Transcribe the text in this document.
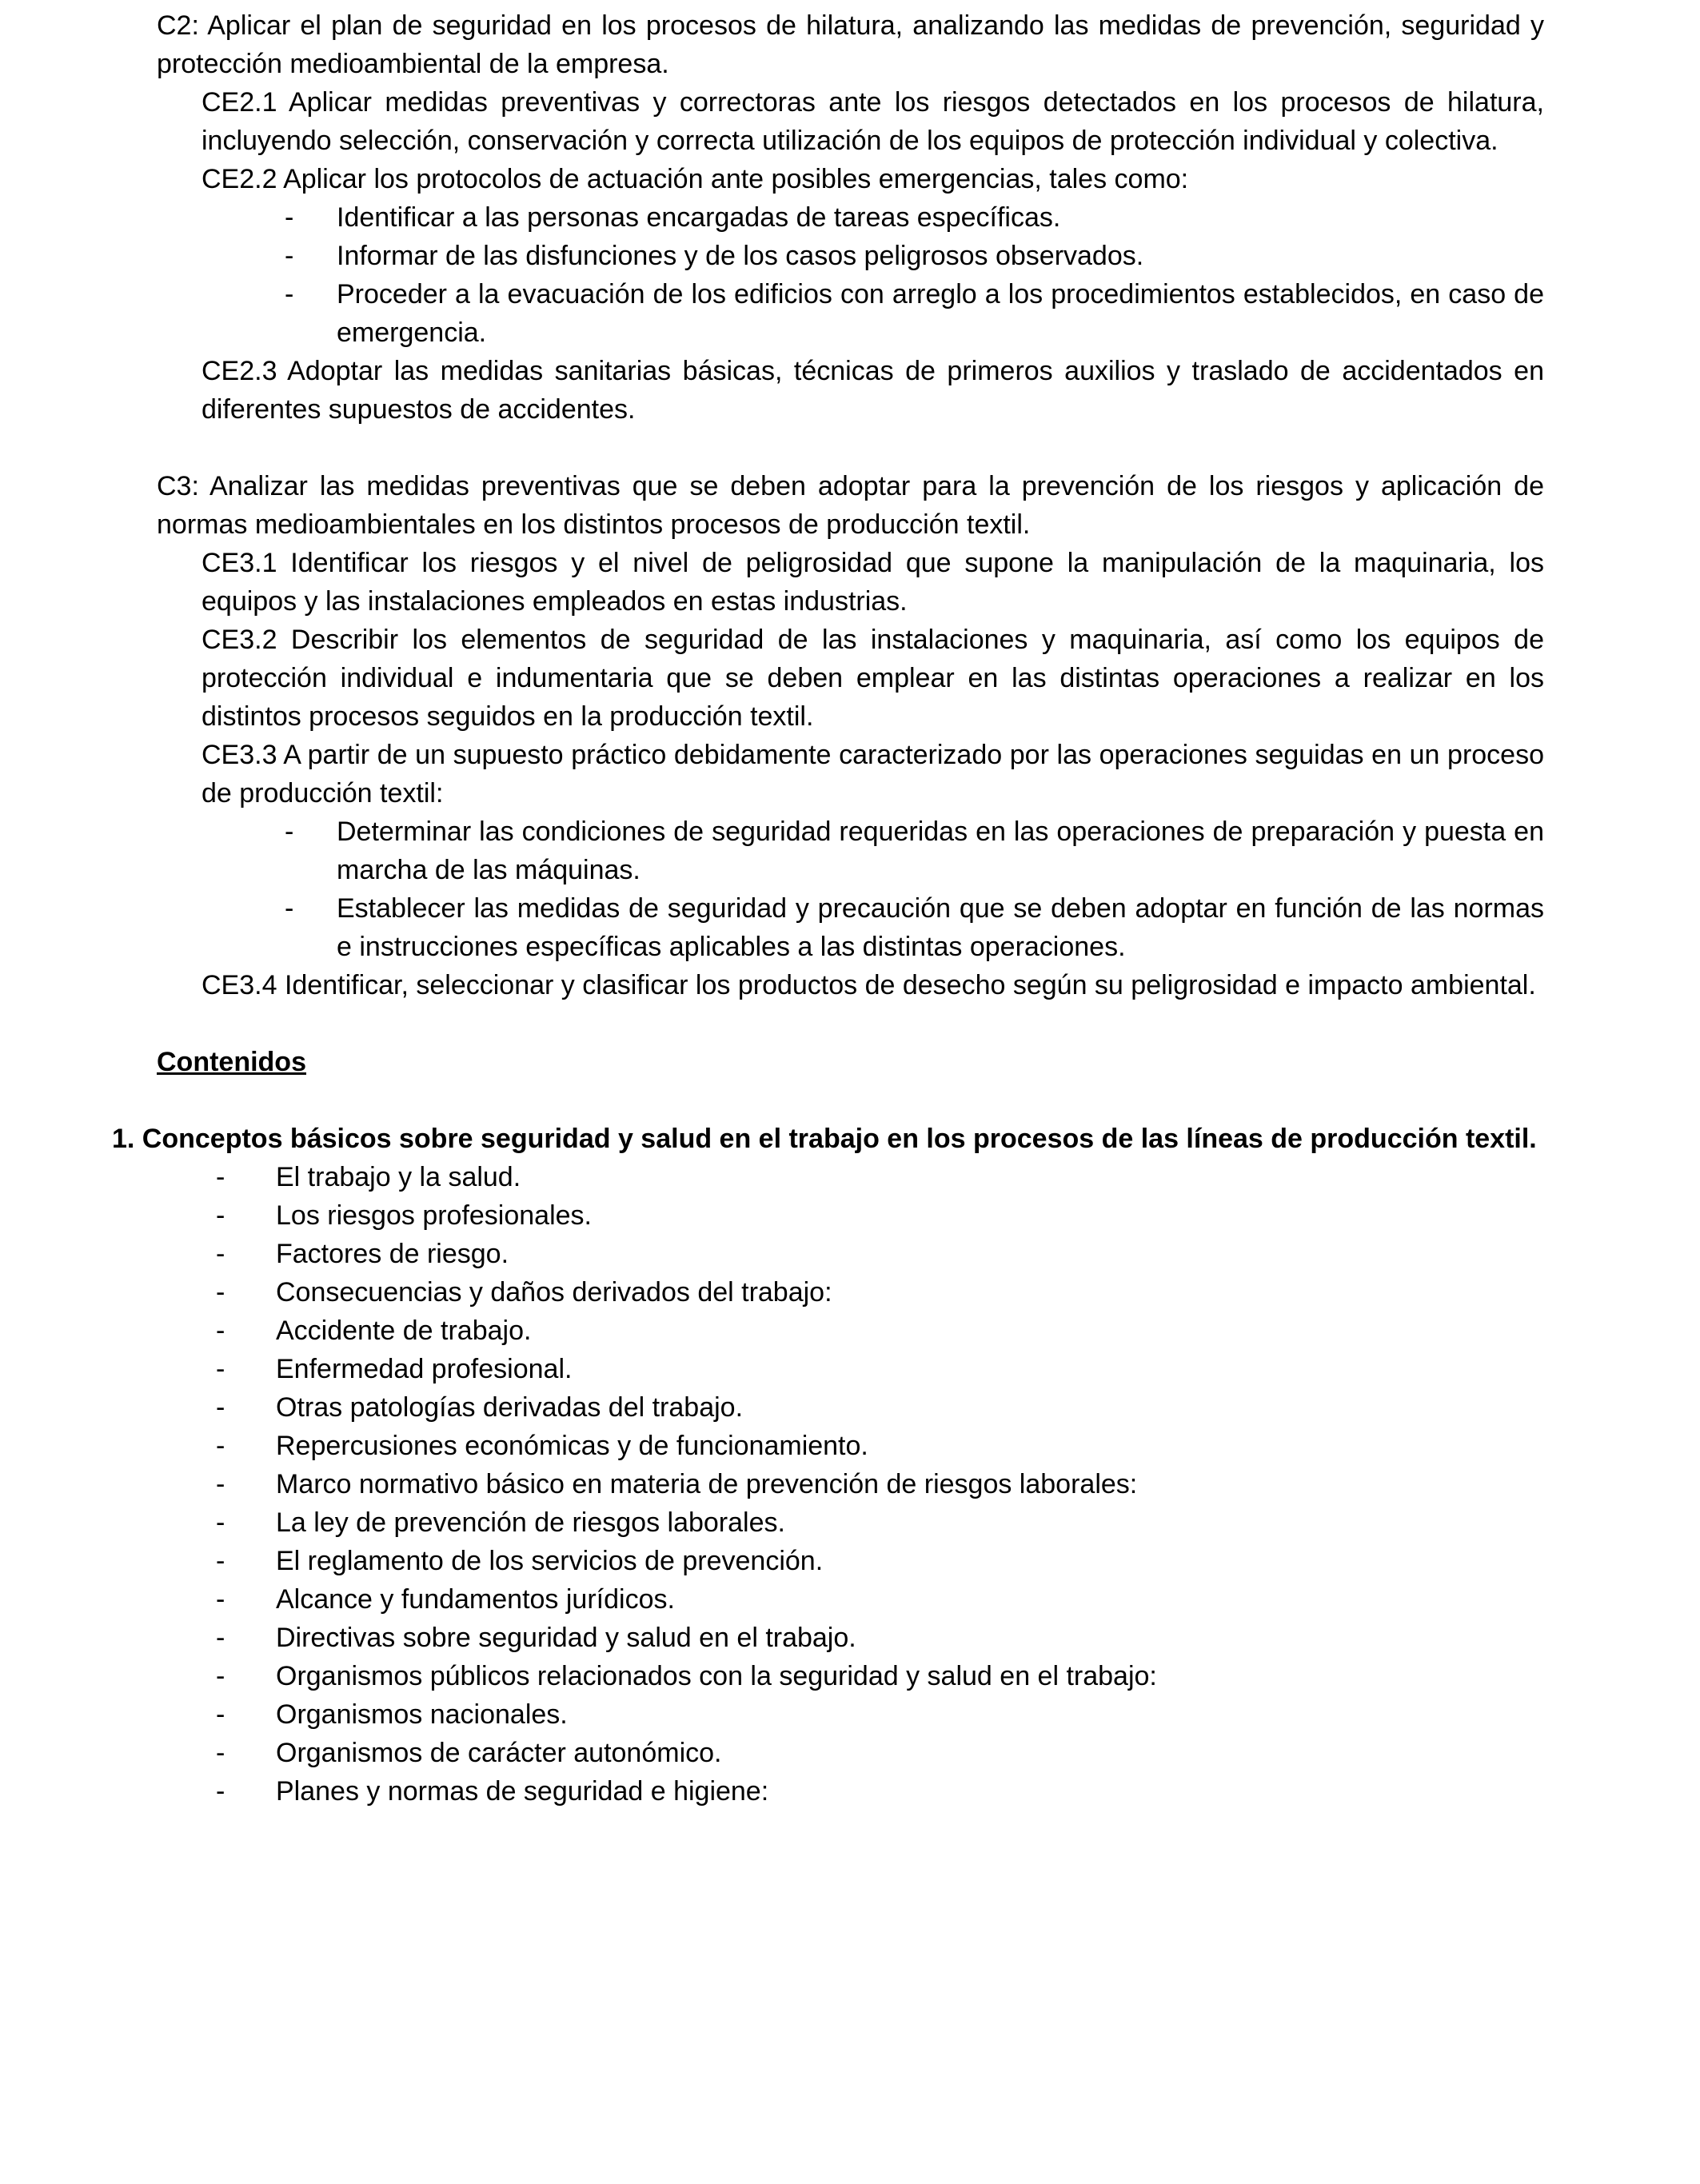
C2: Aplicar el plan de seguridad en los procesos de hilatura, analizando las medidas de prevención, seguridad y protección medioambiental de la empresa.
CE2.1 Aplicar medidas preventivas y correctoras ante los riesgos detectados en los procesos de hilatura, incluyendo selección, conservación y correcta utilización de los equipos de protección individual y colectiva.
CE2.2 Aplicar los protocolos de actuación ante posibles emergencias, tales como:
- Identificar a las personas encargadas de tareas específicas.
- Informar de las disfunciones y de los casos peligrosos observados.
- Proceder a la evacuación de los edificios con arreglo a los procedimientos establecidos, en caso de emergencia.
CE2.3 Adoptar las medidas sanitarias básicas, técnicas de primeros auxilios y traslado de accidentados en diferentes supuestos de accidentes.
C3: Analizar las medidas preventivas que se deben adoptar para la prevención de los riesgos y aplicación de normas medioambientales en los distintos procesos de producción textil.
CE3.1 Identificar los riesgos y el nivel de peligrosidad que supone la manipulación de la maquinaria, los equipos y las instalaciones empleados en estas industrias.
CE3.2 Describir los elementos de seguridad de las instalaciones y maquinaria, así como los equipos de protección individual e indumentaria que se deben emplear en las distintas operaciones a realizar en los distintos procesos seguidos en la producción textil.
CE3.3 A partir de un supuesto práctico debidamente caracterizado por las operaciones seguidas en un proceso de producción textil:
- Determinar las condiciones de seguridad requeridas en las operaciones de preparación y puesta en marcha de las máquinas.
- Establecer las medidas de seguridad y precaución que se deben adoptar en función de las normas e instrucciones específicas aplicables a las distintas operaciones.
CE3.4 Identificar, seleccionar y clasificar los productos de desecho según su peligrosidad e impacto ambiental.
Contenidos
1. Conceptos básicos sobre seguridad y salud en el trabajo en los procesos de las líneas de producción textil.
- El trabajo y la salud.
- Los riesgos profesionales.
- Factores de riesgo.
- Consecuencias y daños derivados del trabajo:
- Accidente de trabajo.
- Enfermedad profesional.
- Otras patologías derivadas del trabajo.
- Repercusiones económicas y de funcionamiento.
- Marco normativo básico en materia de prevención de riesgos laborales:
- La ley de prevención de riesgos laborales.
- El reglamento de los servicios de prevención.
- Alcance y fundamentos jurídicos.
- Directivas sobre seguridad y salud en el trabajo.
- Organismos públicos relacionados con la seguridad y salud en el trabajo:
- Organismos nacionales.
- Organismos de carácter autonómico.
- Planes y normas de seguridad e higiene:
